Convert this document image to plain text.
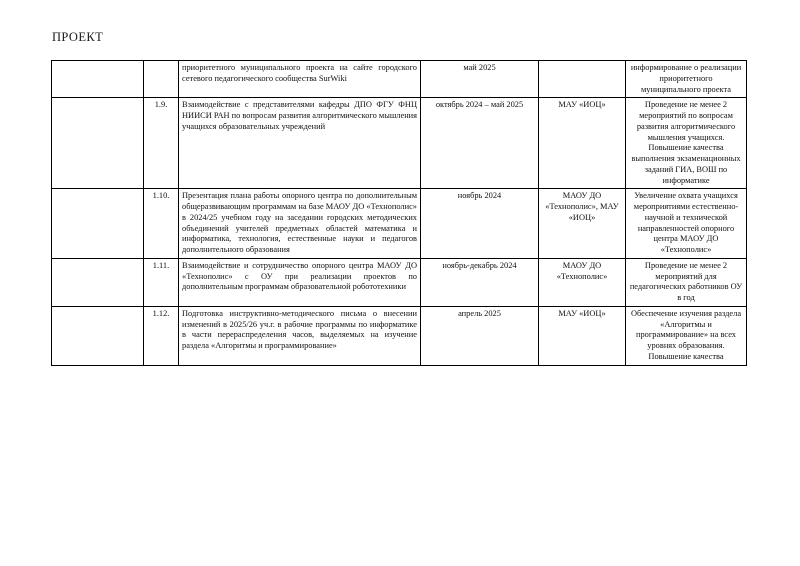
ПРОЕКТ

		приоритетного муниципального проекта на сайте городского сетевого педагогического сообщества SurWiki	май 2025		информирование о реализации приоритетного муниципального проекта

	1.9.	Взаимодействие с представителями кафедры ДПО ФГУ ФНЦ НИИСИ РАН по вопросам развития алгоритмического мышления учащихся образовательных учреждений	октябрь 2024 – май 2025	МАУ «ИОЦ»	Проведение не менее 2 мероприятий по вопросам развития алгоритмического мышления учащихся. Повышение качества выполнения экзаменационных заданий ГИА, ВОШ по информатике

	1.10.	Презентация плана работы опорного центра по дополнительным общеразвивающим программам на базе МАОУ ДО «Технополис» в 2024/25 учебном году на заседании городских методических объединений учителей предметных областей математика и информатика, технология, естественные науки и педагогов дополнительного образования	ноябрь 2024	МАОУ ДО «Технополис», МАУ «ИОЦ»	Увеличение охвата учащихся мероприятиями естественно-научной и технической направленностей опорного центра МАОУ ДО «Технополис»

	1.11.	Взаимодействие и сотрудничество опорного центра МАОУ ДО «Технополис» с ОУ при реализации проектов по дополнительным программам образовательной робототехники	ноябрь-декабрь 2024	МАОУ ДО «Технополис»	Проведение не менее 2 мероприятий для педагогических работников ОУ в год

	1.12.	Подготовка инструктивно-методического письма о внесении изменений в 2025/26 уч.г. в рабочие программы по информатике в части перераспределения часов, выделяемых на изучение раздела «Алгоритмы и программирование»	апрель 2025	МАУ «ИОЦ»	Обеспечение изучения раздела «Алгоритмы и программирование» на всех уровнях образования. Повышение качества
